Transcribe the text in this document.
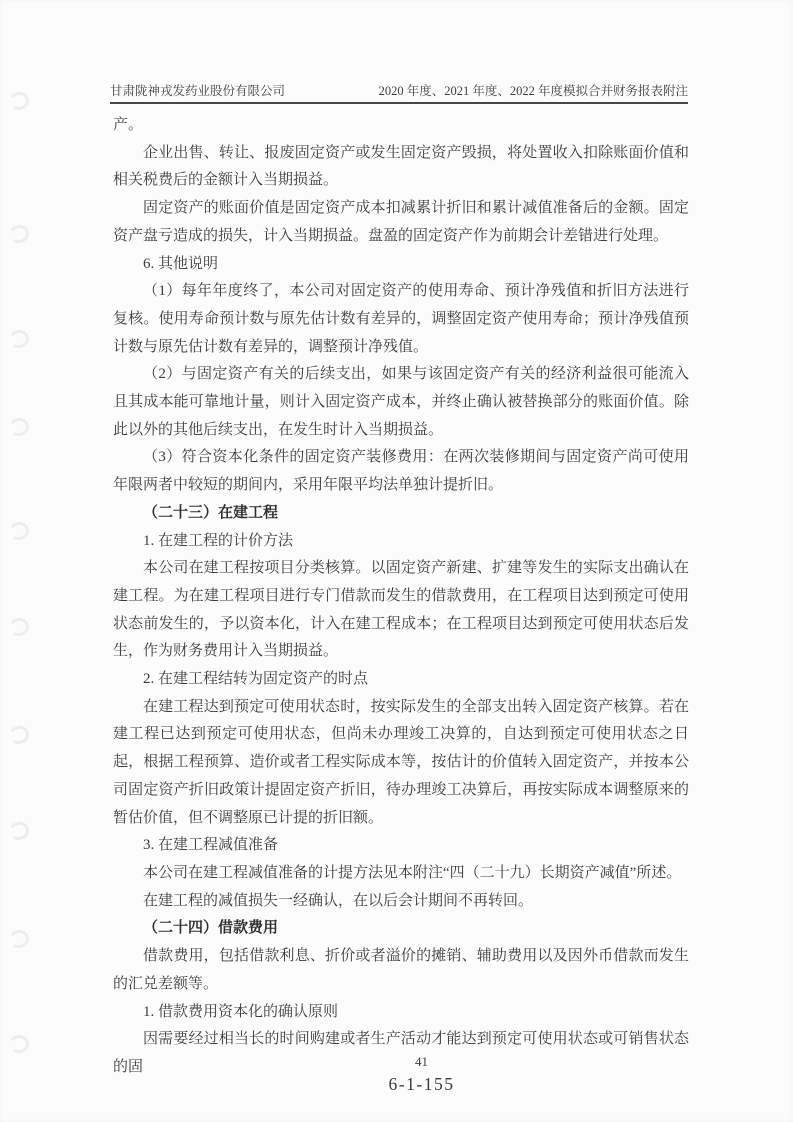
甘肃陇神戎发药业股份有限公司	2020 年度、2021 年度、2022 年度模拟合并财务报表附注

产。

企业出售、转让、报废固定资产或发生固定资产毁损，将处置收入扣除账面价值和相关税费后的金额计入当期损益。

固定资产的账面价值是固定资产成本扣减累计折旧和累计减值准备后的金额。固定资产盘亏造成的损失，计入当期损益。盘盈的固定资产作为前期会计差错进行处理。

6. 其他说明

（1）每年年度终了，本公司对固定资产的使用寿命、预计净残值和折旧方法进行复核。使用寿命预计数与原先估计数有差异的，调整固定资产使用寿命；预计净残值预计数与原先估计数有差异的，调整预计净残值。

（2）与固定资产有关的后续支出，如果与该固定资产有关的经济利益很可能流入且其成本能可靠地计量，则计入固定资产成本，并终止确认被替换部分的账面价值。除此以外的其他后续支出，在发生时计入当期损益。

（3）符合资本化条件的固定资产装修费用：在两次装修期间与固定资产尚可使用年限两者中较短的期间内，采用年限平均法单独计提折旧。

（二十三）在建工程

1. 在建工程的计价方法

本公司在建工程按项目分类核算。以固定资产新建、扩建等发生的实际支出确认在建工程。为在建工程项目进行专门借款而发生的借款费用，在工程项目达到预定可使用状态前发生的，予以资本化，计入在建工程成本；在工程项目达到预定可使用状态后发生，作为财务费用计入当期损益。

2. 在建工程结转为固定资产的时点

在建工程达到预定可使用状态时，按实际发生的全部支出转入固定资产核算。若在建工程已达到预定可使用状态，但尚未办理竣工决算的，自达到预定可使用状态之日起，根据工程预算、造价或者工程实际成本等，按估计的价值转入固定资产，并按本公司固定资产折旧政策计提固定资产折旧，待办理竣工决算后，再按实际成本调整原来的暂估价值，但不调整原已计提的折旧额。

3. 在建工程减值准备

本公司在建工程减值准备的计提方法见本附注“四（二十九）长期资产减值”所述。

在建工程的减值损失一经确认，在以后会计期间不再转回。

（二十四）借款费用

借款费用，包括借款利息、折价或者溢价的摊销、辅助费用以及因外币借款而发生的汇兑差额等。

1. 借款费用资本化的确认原则

因需要经过相当长的时间购建或者生产活动才能达到预定可使用状态或可销售状态的固	41
6-1-155
